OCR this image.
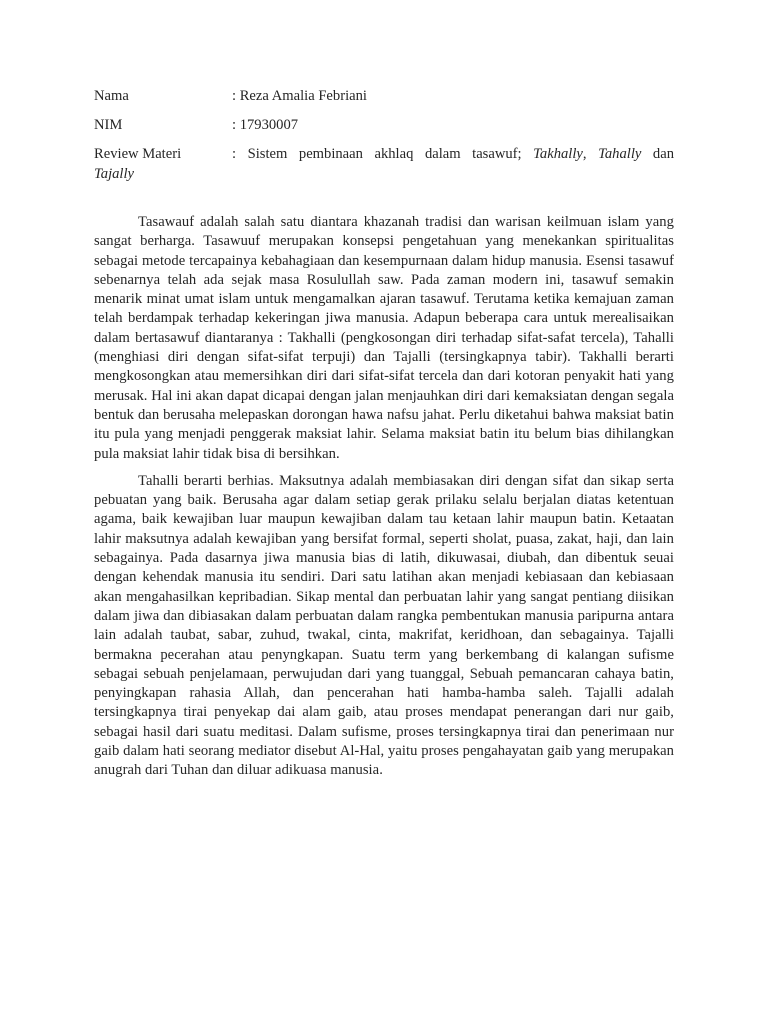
Nama	: Reza Amalia Febriani
NIM	: 17930007
Review Materi	: Sistem pembinaan akhlaq dalam tasawuf; Takhally, Tahally dan
Tajally

Tasawauf adalah salah satu diantara khazanah tradisi dan warisan keilmuan islam yang sangat berharga. Tasawuuf merupakan konsepsi pengetahuan yang menekankan spiritualitas sebagai metode tercapainya kebahagiaan dan kesempurnaan dalam hidup manusia. Esensi tasawuf sebenarnya telah ada sejak masa Rosulullah saw. Pada zaman modern ini, tasawuf semakin menarik minat umat islam untuk mengamalkan ajaran tasawuf. Terutama ketika kemajuan zaman telah berdampak terhadap kekeringan jiwa manusia. Adapun beberapa cara untuk merealisaikan dalam bertasawuf diantaranya : Takhalli (pengkosongan diri terhadap sifat-safat tercela), Tahalli (menghiasi diri dengan sifat-sifat terpuji) dan Tajalli (tersingkapnya tabir). Takhalli berarti mengkosongkan atau memersihkan diri dari sifat-sifat tercela dan dari kotoran penyakit hati yang merusak. Hal ini akan dapat dicapai dengan jalan menjauhkan diri dari kemaksiatan dengan segala bentuk dan berusaha melepaskan dorongan hawa nafsu jahat. Perlu diketahui bahwa maksiat batin itu pula yang menjadi penggerak maksiat lahir. Selama maksiat batin itu belum bias dihilangkan pula maksiat lahir tidak bisa di bersihkan.

Tahalli berarti berhias. Maksutnya adalah membiasakan diri dengan sifat dan sikap serta pebuatan yang baik. Berusaha agar dalam setiap gerak prilaku selalu berjalan diatas ketentuan agama, baik kewajiban luar maupun kewajiban dalam tau ketaan lahir maupun batin. Ketaatan lahir maksutnya adalah kewajiban yang bersifat formal, seperti sholat, puasa, zakat, haji, dan lain sebagainya. Pada dasarnya jiwa manusia bias di latih, dikuwasai, diubah, dan dibentuk seuai dengan kehendak manusia itu sendiri. Dari satu latihan akan menjadi kebiasaan dan kebiasaan akan mengahasilkan kepribadian. Sikap mental dan perbuatan lahir yang sangat pentiang diisikan dalam jiwa dan dibiasakan dalam perbuatan dalam rangka pembentukan manusia paripurna antara lain adalah taubat, sabar, zuhud, twakal, cinta, makrifat, keridhoan, dan sebagainya. Tajalli bermakna pecerahan atau penyngkapan. Suatu term yang berkembang di kalangan sufisme sebagai sebuah penjelamaan, perwujudan dari yang tuanggal, Sebuah pemancaran cahaya batin, penyingkapan rahasia Allah, dan pencerahan hati hamba-hamba saleh. Tajalli adalah tersingkapnya tirai penyekap dai alam gaib, atau proses mendapat penerangan dari nur gaib, sebagai hasil dari suatu meditasi. Dalam sufisme, proses tersingkapnya tirai dan penerimaan nur gaib dalam hati seorang mediator disebut Al-Hal, yaitu proses pengahayatan gaib yang merupakan anugrah dari Tuhan dan diluar adikuasa manusia.
